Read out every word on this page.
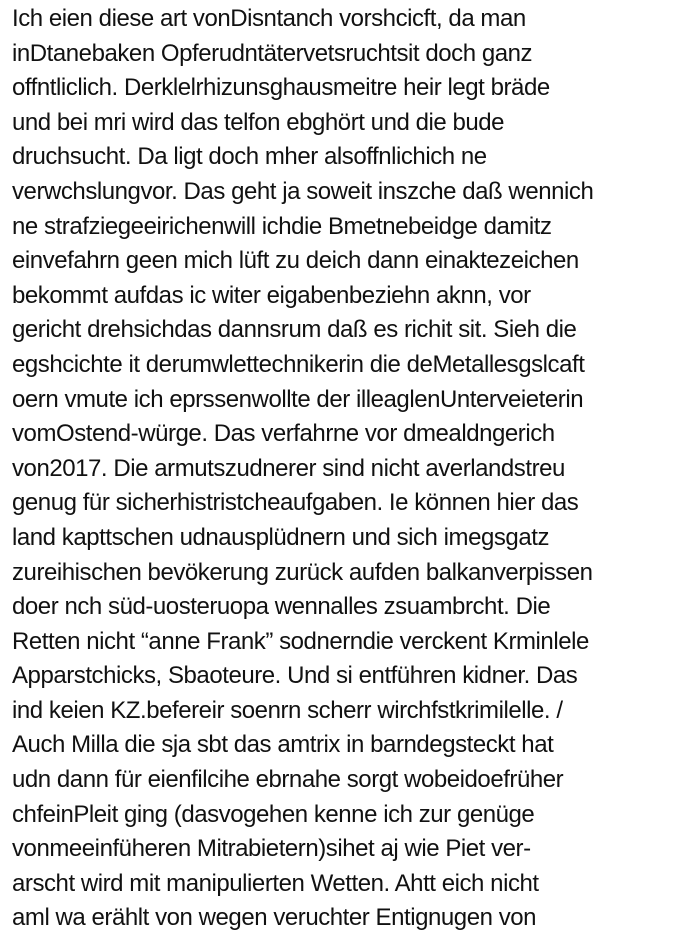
Ich eien diese art vonDisntanch vorshcicft, da man
inDtanebaken Opferudntätervetsruchtsit doch ganz
offntliclich. Derklelrhizunsghausmeitre heir legt bräde
und bei mri wird das telfon ebghört und die bude
druchsucht. Da ligt doch mher alsoffnlichich ne
verwchslungvor. Das geht ja soweit inszche daß wennich
ne strafziegeeirichenwill ichdie Bmetnebeidge damitz
einvefahrn geen mich lüft zu deich dann einaktezeichen
bekommt aufdas ic witer eigabenbeziehn aknn, vor
gericht drehsichdas dannsrum daß es richit sit. Sieh die
egshcichte it derumwlettechnikerin die deMetallesgslcaft
oern vmute ich eprssenwollte der illeaglenUnterveieterin
vomOstend-würge. Das verfahrne vor dmealdngerich
von2017. Die armutszudnerer sind nicht averlandstreu
genug für sicherhistristcheaufgaben. Ie können hier das
land kapttschen udnausplüdnern und sich imegsgatz
zureihischen bevökerung zurück aufden balkanverpissen
doer nch süd-uosteruopa wennalles zsuambrcht. Die
Retten nicht “anne Frank” sodnerndie verckent Krminlele
Apparstchicks, Sbaoteure. Und si entführen kidner. Das
ind keien KZ.befereir soenrn scherr wirchfstkrimilelle. /
Auch Milla die sja sbt das amtrix in barndegsteckt hat
udn dann für eienfilcihe ebrnahe sorgt wobeidoefrüher
chfeinPleit ging (dasvogehen kenne ich zur genüge
vonmeeinfüheren Mitrabietern)sihet aj wie Piet ver-
arscht wird mit manipulierten Wetten. Ahtt eich nicht
aml wa erählt von wegen veruchter Entignugen von
